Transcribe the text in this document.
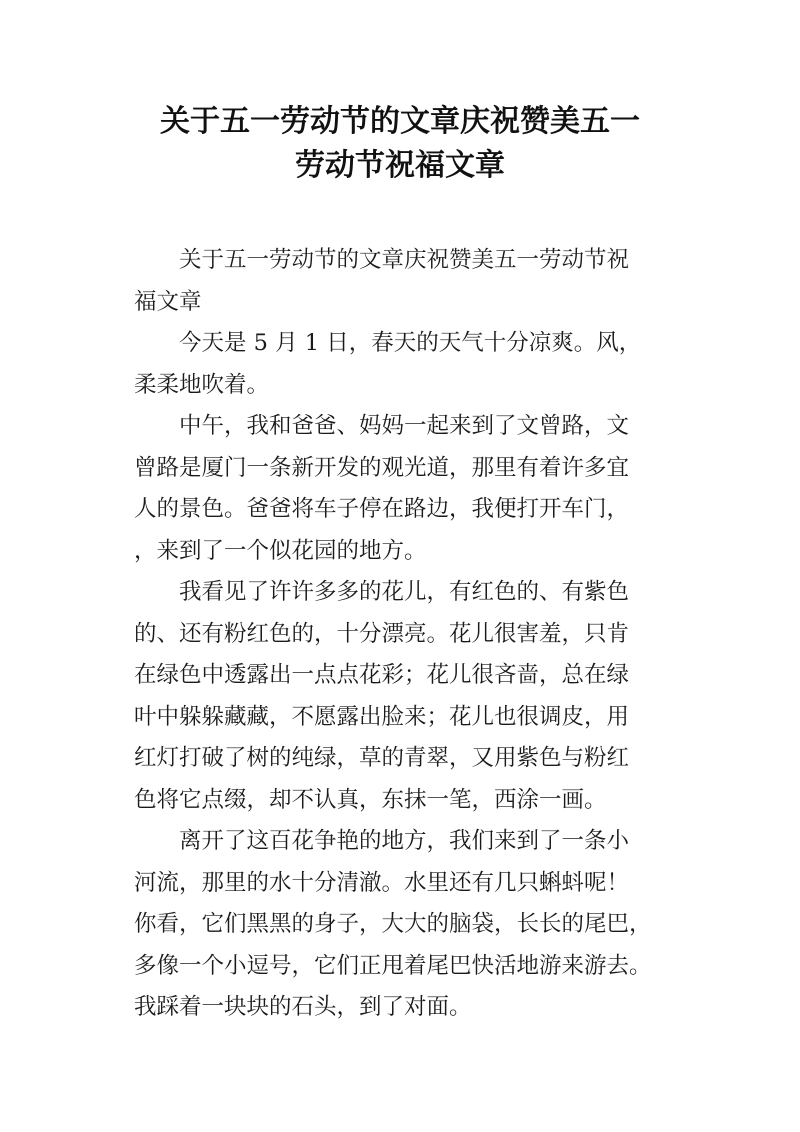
关于五一劳动节的文章庆祝赞美五一
劳动节祝福文章
关于五一劳动节的文章庆祝赞美五一劳动节祝
福文章
今天是 5 月 1 日，春天的天气十分凉爽。风，
柔柔地吹着。
中午，我和爸爸、妈妈一起来到了文曾路，文
曾路是厦门一条新开发的观光道，那里有着许多宜
人的景色。爸爸将车子停在路边，我便打开车门，
，来到了一个似花园的地方。
我看见了许许多多的花儿，有红色的、有紫色
的、还有粉红色的，十分漂亮。花儿很害羞，只肯
在绿色中透露出一点点花彩；花儿很吝啬，总在绿
叶中躲躲藏藏，不愿露出脸来；花儿也很调皮，用
红灯打破了树的纯绿，草的青翠，又用紫色与粉红
色将它点缀，却不认真，东抹一笔，西涂一画。
离开了这百花争艳的地方，我们来到了一条小
河流，那里的水十分清澈。水里还有几只蝌蚪呢！
你看，它们黑黑的身子，大大的脑袋，长长的尾巴，
多像一个小逗号，它们正甩着尾巴快活地游来游去。
我踩着一块块的石头，到了对面。
